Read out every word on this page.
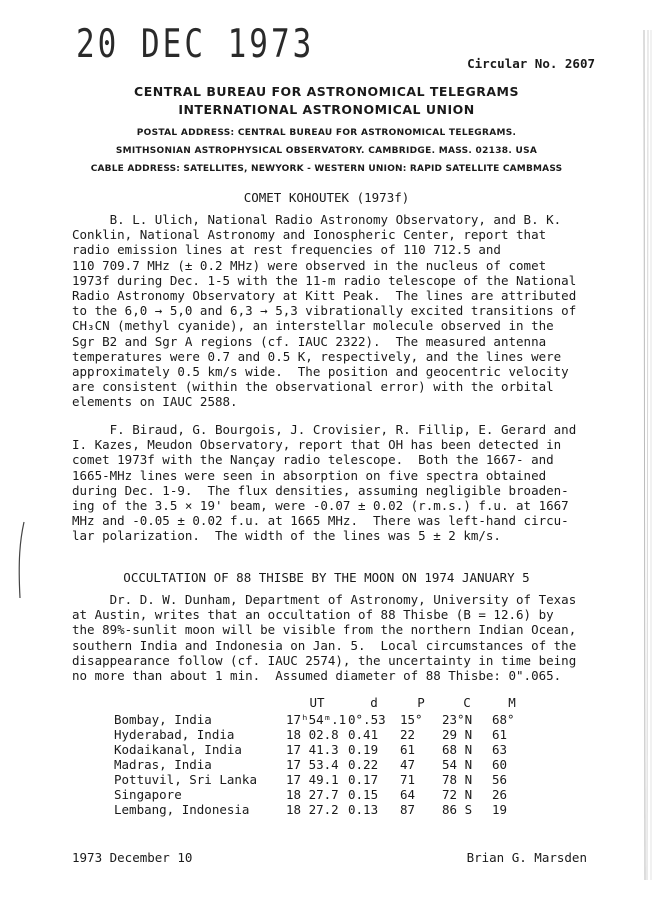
20 DEC 1973	Circular No. 2607
CENTRAL BUREAU FOR ASTRONOMICAL TELEGRAMS
INTERNATIONAL ASTRONOMICAL UNION
POSTAL ADDRESS: CENTRAL BUREAU FOR ASTRONOMICAL TELEGRAMS.
SMITHSONIAN ASTROPHYSICAL OBSERVATORY. CAMBRIDGE. MASS. 02138. USA
CABLE ADDRESS: SATELLITES, NEWYORK - WESTERN UNION: RAPID SATELLITE CAMBMASS
COMET KOHOUTEK (1973f)
B. L. Ulich, National Radio Astronomy Observatory, and B. K.
Conklin, National Astronomy and Ionospheric Center, report that
radio emission lines at rest frequencies of 110 712.5 and
110 709.7 MHz (± 0.2 MHz) were observed in the nucleus of comet
1973f during Dec. 1-5 with the 11-m radio telescope of the National
Radio Astronomy Observatory at Kitt Peak.  The lines are attributed
to the 6,0 → 5,0 and 6,3 → 5,3 vibrationally excited transitions of
CH₃CN (methyl cyanide), an interstellar molecule observed in the
Sgr B2 and Sgr A regions (cf. IAUC 2322).  The measured antenna
temperatures were 0.7 and 0.5 K, respectively, and the lines were
approximately 0.5 km/s wide.  The position and geocentric velocity
are consistent (within the observational error) with the orbital
elements on IAUC 2588.
F. Biraud, G. Bourgois, J. Crovisier, R. Fillip, E. Gerard and
I. Kazes, Meudon Observatory, report that OH has been detected in
comet 1973f with the Nançay radio telescope.  Both the 1667- and
1665-MHz lines were seen in absorption on five spectra obtained
during Dec. 1-9.  The flux densities, assuming negligible broaden-
ing of the 3.5 × 19' beam, were -0.07 ± 0.02 (r.m.s.) f.u. at 1667
MHz and -0.05 ± 0.02 f.u. at 1665 MHz.  There was left-hand circu-
lar polarization.  The width of the lines was 5 ± 2 km/s.
OCCULTATION OF 88 THISBE BY THE MOON ON 1974 JANUARY 5
Dr. D. W. Dunham, Department of Astronomy, University of Texas
at Austin, writes that an occultation of 88 Thisbe (B = 12.6) by
the 89%-sunlit moon will be visible from the northern Indian Ocean,
southern India and Indonesia on Jan. 5.  Local circumstances of the
disappearance follow (cf. IAUC 2574), the uncertainty in time being
no more than about 1 min.  Assumed diameter of 88 Thisbe: 0".065.
	UT	d	P	C	M
Bombay, India	17ʰ54ᵐ.1	0°.53	15°	23°N	68°
Hyderabad, India	18 02.8	0.41	22	29 N	61
Kodaikanal, India	17 41.3	0.19	61	68 N	63
Madras, India	17 53.4	0.22	47	54 N	60
Pottuvil, Sri Lanka	17 49.1	0.17	71	78 N	56
Singapore	18 27.7	0.15	64	72 N	26
Lembang, Indonesia	18 27.2	0.13	87	86 S	19
1973 December 10	Brian G. Marsden
